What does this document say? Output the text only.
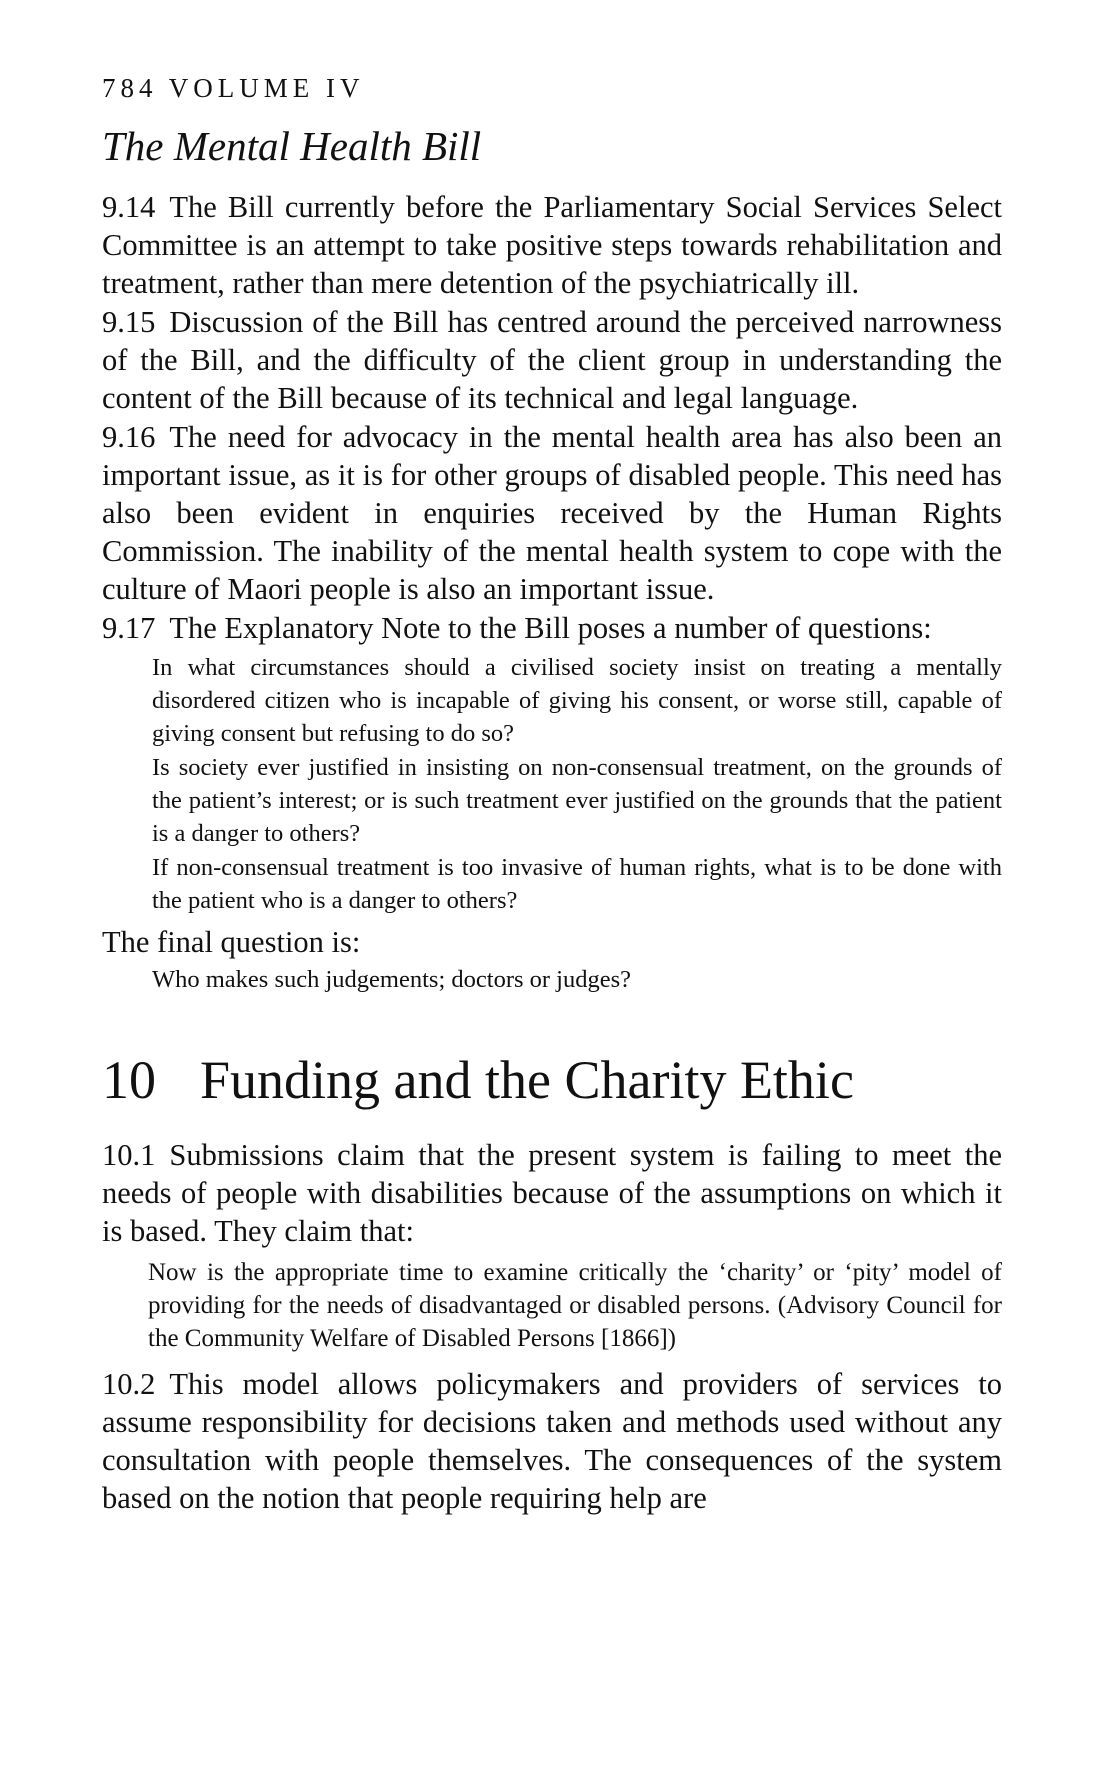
784 VOLUME IV

The Mental Health Bill

9.14 The Bill currently before the Parliamentary Social Services Select Committee is an attempt to take positive steps towards rehabilitation and treatment, rather than mere detention of the psychiatrically ill.

9.15 Discussion of the Bill has centred around the perceived narrowness of the Bill, and the difficulty of the client group in understanding the content of the Bill because of its technical and legal language.

9.16 The need for advocacy in the mental health area has also been an important issue, as it is for other groups of disabled people. This need has also been evident in enquiries received by the Human Rights Commission. The inability of the mental health system to cope with the culture of Maori people is also an important issue.

9.17 The Explanatory Note to the Bill poses a number of questions:

In what circumstances should a civilised society insist on treating a mentally disordered citizen who is incapable of giving his consent, or worse still, capable of giving consent but refusing to do so?

Is society ever justified in insisting on non-consensual treatment, on the grounds of the patient’s interest; or is such treatment ever justified on the grounds that the patient is a danger to others?

If non-consensual treatment is too invasive of human rights, what is to be done with the patient who is a danger to others?

The final question is:

Who makes such judgements; doctors or judges?

10 Funding and the Charity Ethic

10.1 Submissions claim that the present system is failing to meet the needs of people with disabilities because of the assumptions on which it is based. They claim that:

Now is the appropriate time to examine critically the ‘charity’ or ‘pity’ model of providing for the needs of disadvantaged or disabled persons. (Advisory Council for the Community Welfare of Disabled Persons [1866])

10.2 This model allows policymakers and providers of services to assume responsibility for decisions taken and methods used without any consultation with people themselves. The consequences of the system based on the notion that people requiring help are
